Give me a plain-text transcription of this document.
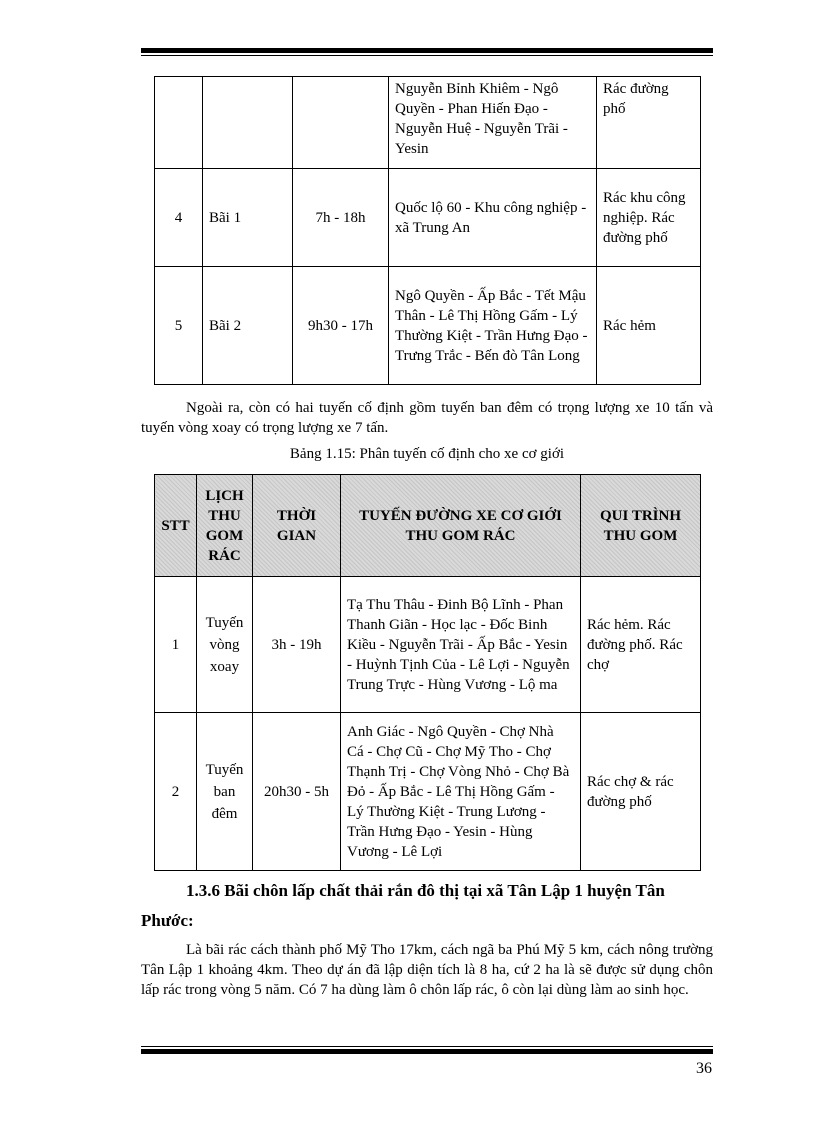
			Nguyễn Bỉnh Khiêm - Ngô Quyền - Phan Hiến Đạo - Nguyễn Huệ - Nguyễn Trãi - Yesin	Rác đường phố
4	Bãi 1	7h - 18h	Quốc lộ 60 - Khu công nghiệp - xã Trung An	Rác khu công nghiệp. Rác đường phố
5	Bãi 2	9h30 - 17h	Ngô Quyền - Ấp Bắc - Tết Mậu Thân - Lê Thị Hồng Gấm - Lý Thường Kiệt - Trần Hưng Đạo - Trưng Trắc - Bến đò Tân Long	Rác hẻm

Ngoài ra, còn có hai tuyến cố định gồm tuyến ban đêm có trọng lượng xe 10 tấn và tuyến vòng xoay có trọng lượng xe 7 tấn.

Bảng 1.15: Phân tuyến cố định cho xe cơ giới
STT	LỊCH THU GOM RÁC	THỜI GIAN	TUYẾN ĐƯỜNG XE CƠ GIỚI THU GOM RÁC	QUI TRÌNH THU GOM
1	Tuyến vòng xoay	3h - 19h	Tạ Thu Thâu - Đinh Bộ Lĩnh - Phan Thanh Giãn - Học lạc - Đốc Binh Kiều - Nguyễn Trãi - Ấp Bắc - Yesin - Huỳnh Tịnh Của - Lê Lợi - Nguyễn Trung Trực - Hùng Vương - Lộ ma	Rác hẻm. Rác đường phố. Rác chợ
2	Tuyến ban đêm	20h30 - 5h	Anh Giác - Ngô Quyền - Chợ Nhà Cá - Chợ Cũ - Chợ Mỹ Tho - Chợ Thạnh Trị - Chợ Vòng Nhỏ - Chợ Bà Đỏ - Ấp Bắc - Lê Thị Hồng Gấm - Lý Thường Kiệt - Trung Lương - Trần Hưng Đạo - Yesin - Hùng Vương - Lê Lợi	Rác chợ & rác đường phố

1.3.6 Bãi chôn lấp chất thải rắn đô thị tại xã Tân Lập 1 huyện Tân Phước:

Là bãi rác cách thành phố Mỹ Tho 17km, cách ngã ba Phú Mỹ 5 km, cách nông trường Tân Lập 1 khoảng 4km. Theo dự án đã lập diện tích là 8 ha, cứ 2 ha là sẽ được sử dụng chôn lấp rác trong vòng 5 năm. Có 7 ha dùng làm ô chôn lấp rác, ô còn lại dùng làm ao sinh học.

36
